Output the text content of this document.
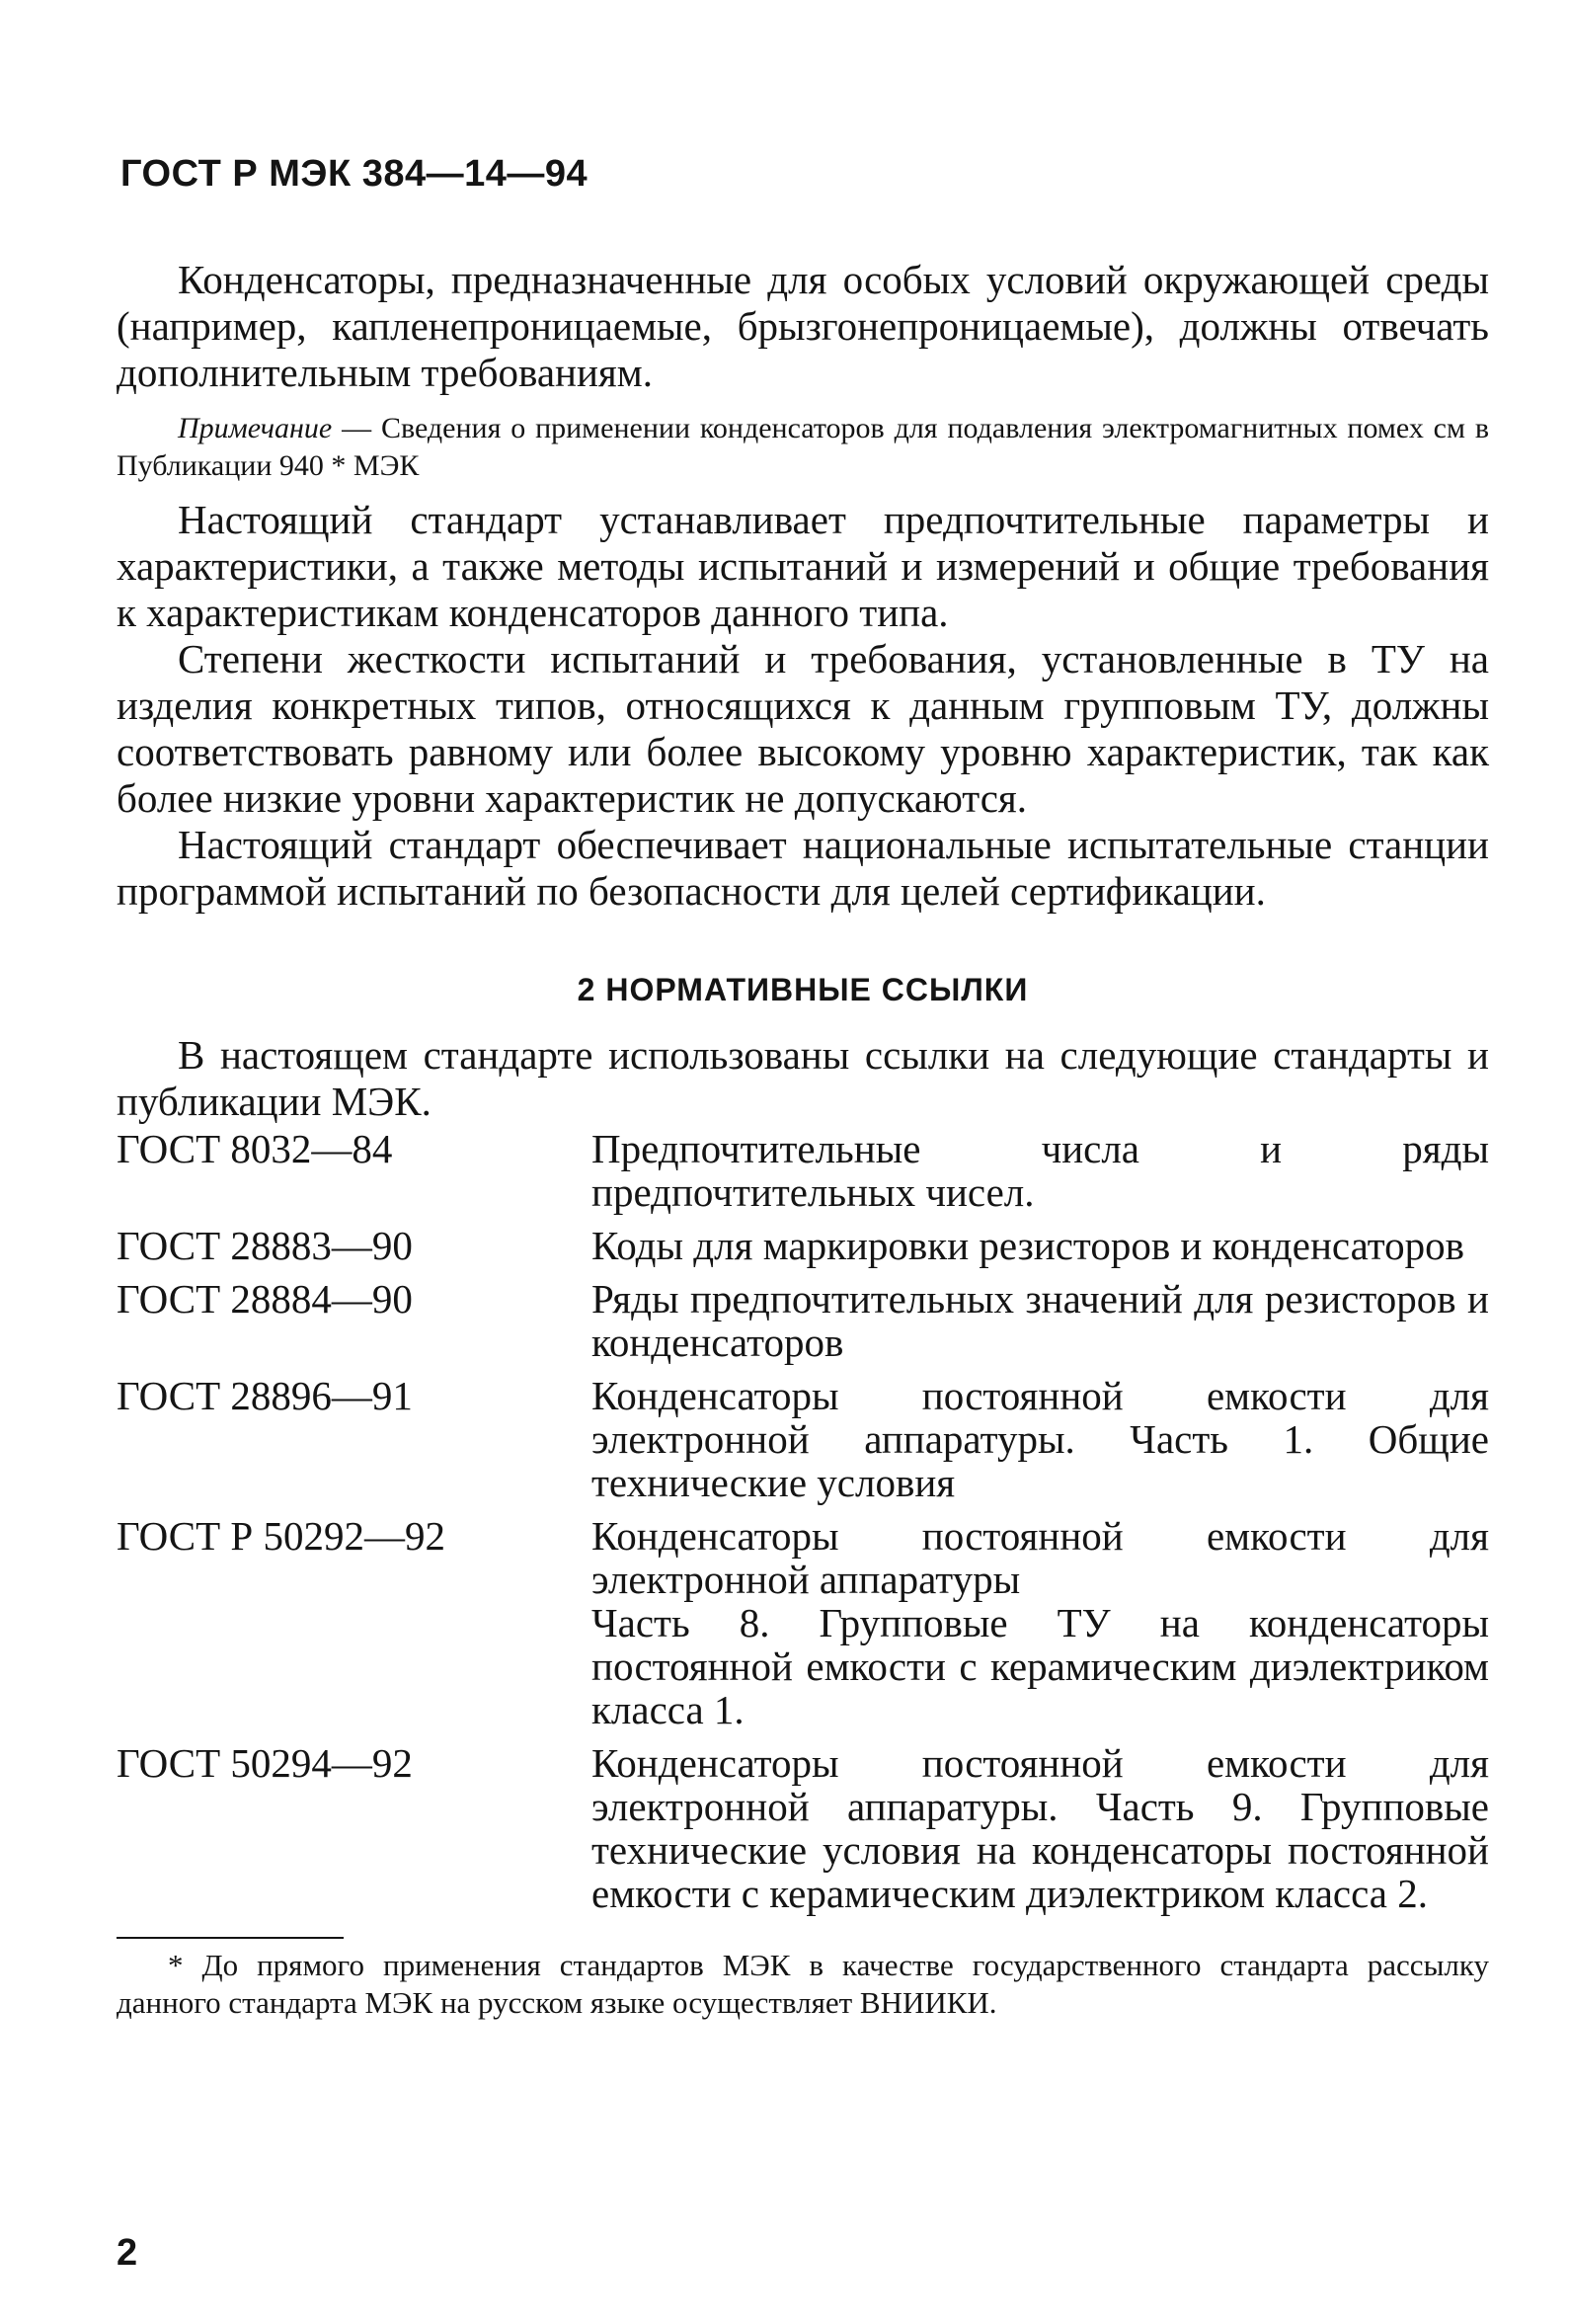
ГОСТ Р МЭК 384—14—94

Конденсаторы, предназначенные для особых условий окружающей среды (например, капленепроницаемые, брызгонепроницаемые), должны отвечать дополнительным требованиям.

Примечание — Сведения о применении конденсаторов для подавления электромагнитных помех см в Публикации 940 * МЭК

Настоящий стандарт устанавливает предпочтительные параметры и характеристики, а также методы испытаний и измерений и общие требования к характеристикам конденсаторов данного типа.

Степени жесткости испытаний и требования, установленные в ТУ на изделия конкретных типов, относящихся к данным групповым ТУ, должны соответствовать равному или более высокому уровню характеристик, так как более низкие уровни характеристик не допускаются.

Настоящий стандарт обеспечивает национальные испытательные станции программой испытаний по безопасности для целей сертификации.

2 НОРМАТИВНЫЕ ССЫЛКИ

В настоящем стандарте использованы ссылки на следующие стандарты и публикации МЭК.

ГОСТ 8032—84	Предпочтительные числа и ряды предпочтительных чисел.
ГОСТ 28883—90	Коды для маркировки резисторов и конденсаторов
ГОСТ 28884—90	Ряды предпочтительных значений для резисторов и конденсаторов
ГОСТ 28896—91	Конденсаторы постоянной емкости для электронной аппаратуры. Часть 1. Общие технические условия
ГОСТ Р 50292—92	Конденсаторы постоянной емкости для электронной аппаратуры
Часть 8. Групповые ТУ на конденсаторы постоянной емкости с керамическим диэлектриком класса 1.
ГОСТ 50294—92	Конденсаторы постоянной емкости для электронной аппаратуры. Часть 9. Групповые технические условия на конденсаторы постоянной емкости с керамическим диэлектриком класса 2.

* До прямого применения стандартов МЭК в качестве государственного стандарта рассылку данного стандарта МЭК на русском языке осуществляет ВНИИКИ.

2
